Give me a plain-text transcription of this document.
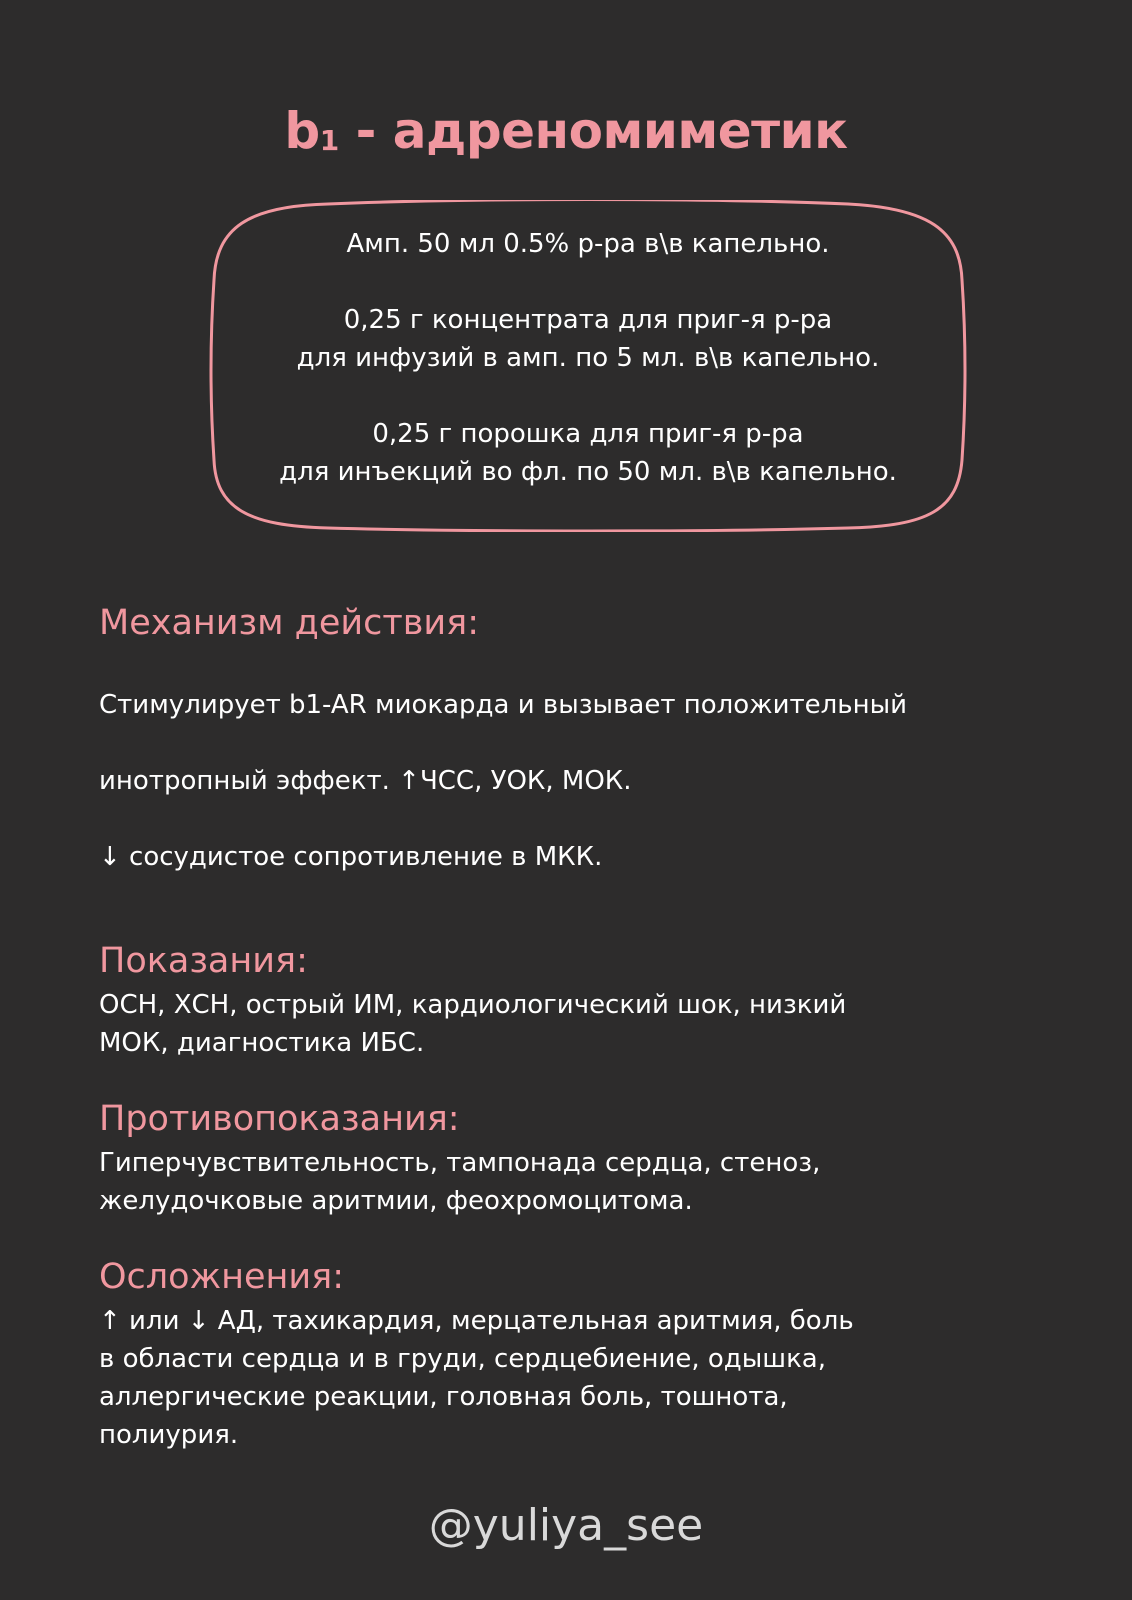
b1 - адреномиметик
Амп. 50 мл 0.5% р-ра в\в капельно.
0,25 г концентрата для приг-я р-ра
для инфузий в амп. по 5 мл. в\в капельно.
0,25 г порошка для приг-я р-ра
для инъекций во фл. по 50 мл. в\в капельно.
Механизм действия:

Стимулирует b1-AR миокарда и вызывает положительный

инотропный эффект. ↑ЧСС, УОК, МОК.

↓ сосудистое сопротивление в МКК.

Показания:
ОСН, ХСН, острый ИМ, кардиологический шок, низкий
МОК, диагностика ИБС.
Противопоказания:
Гиперчувствительность, тампонада сердца, стеноз,
желудочковые аритмии, феохромоцитома.
Осложнения:
↑ или ↓ АД, тахикардия, мерцательная аритмия, боль
в области сердца и в груди, сердцебиение, одышка,
аллергические реакции, головная боль, тошнота,
полиурия.
@yuliya_see
